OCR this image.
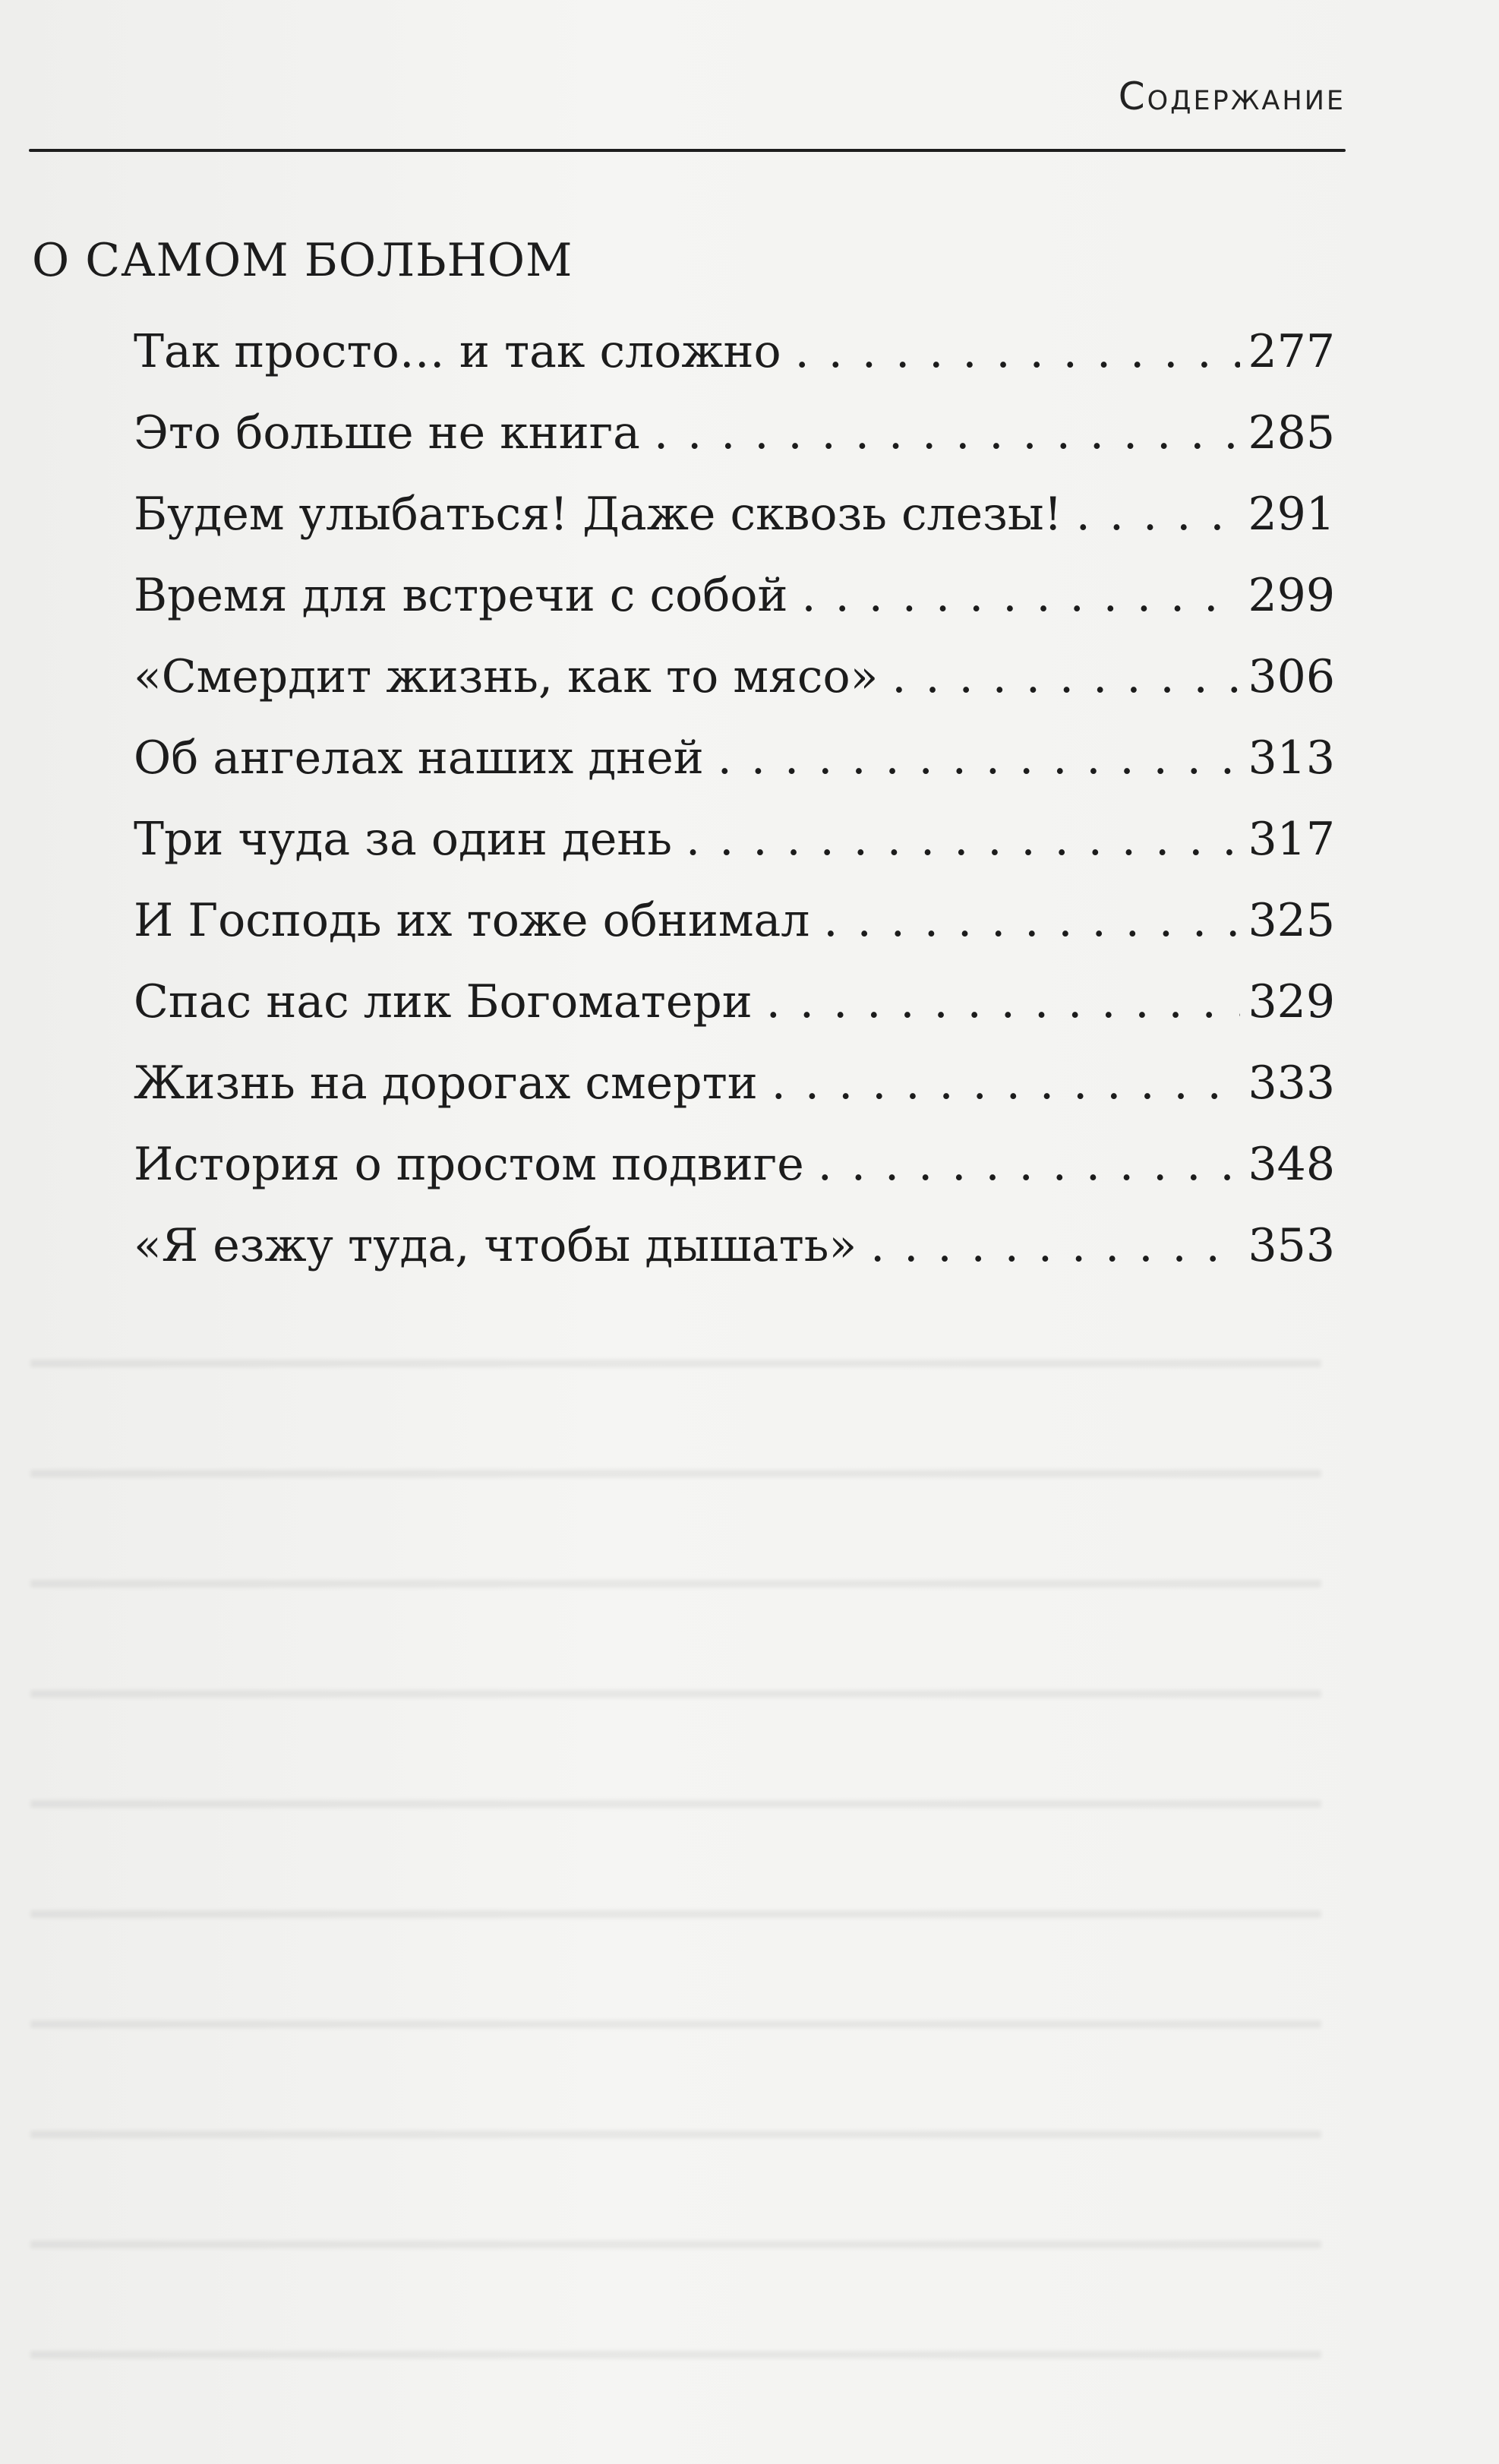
Содержание
О САМОМ БОЛЬНОМ
Так просто… и так сложно . . .	277
Это больше не книга . . .	285
Будем улыбаться! Даже сквозь слезы! . . .	291
Время для встречи с собой . . .	299
«Смердит жизнь, как то мясо» . . .	306
Об ангелах наших дней . . .	313
Три чуда за один день . . .	317
И Господь их тоже обнимал . . .	325
Спас нас лик Богоматери . . .	329
Жизнь на дорогах смерти . . .	333
История о простом подвиге . . .	348
«Я езжу туда, чтобы дышать» . . .	353
